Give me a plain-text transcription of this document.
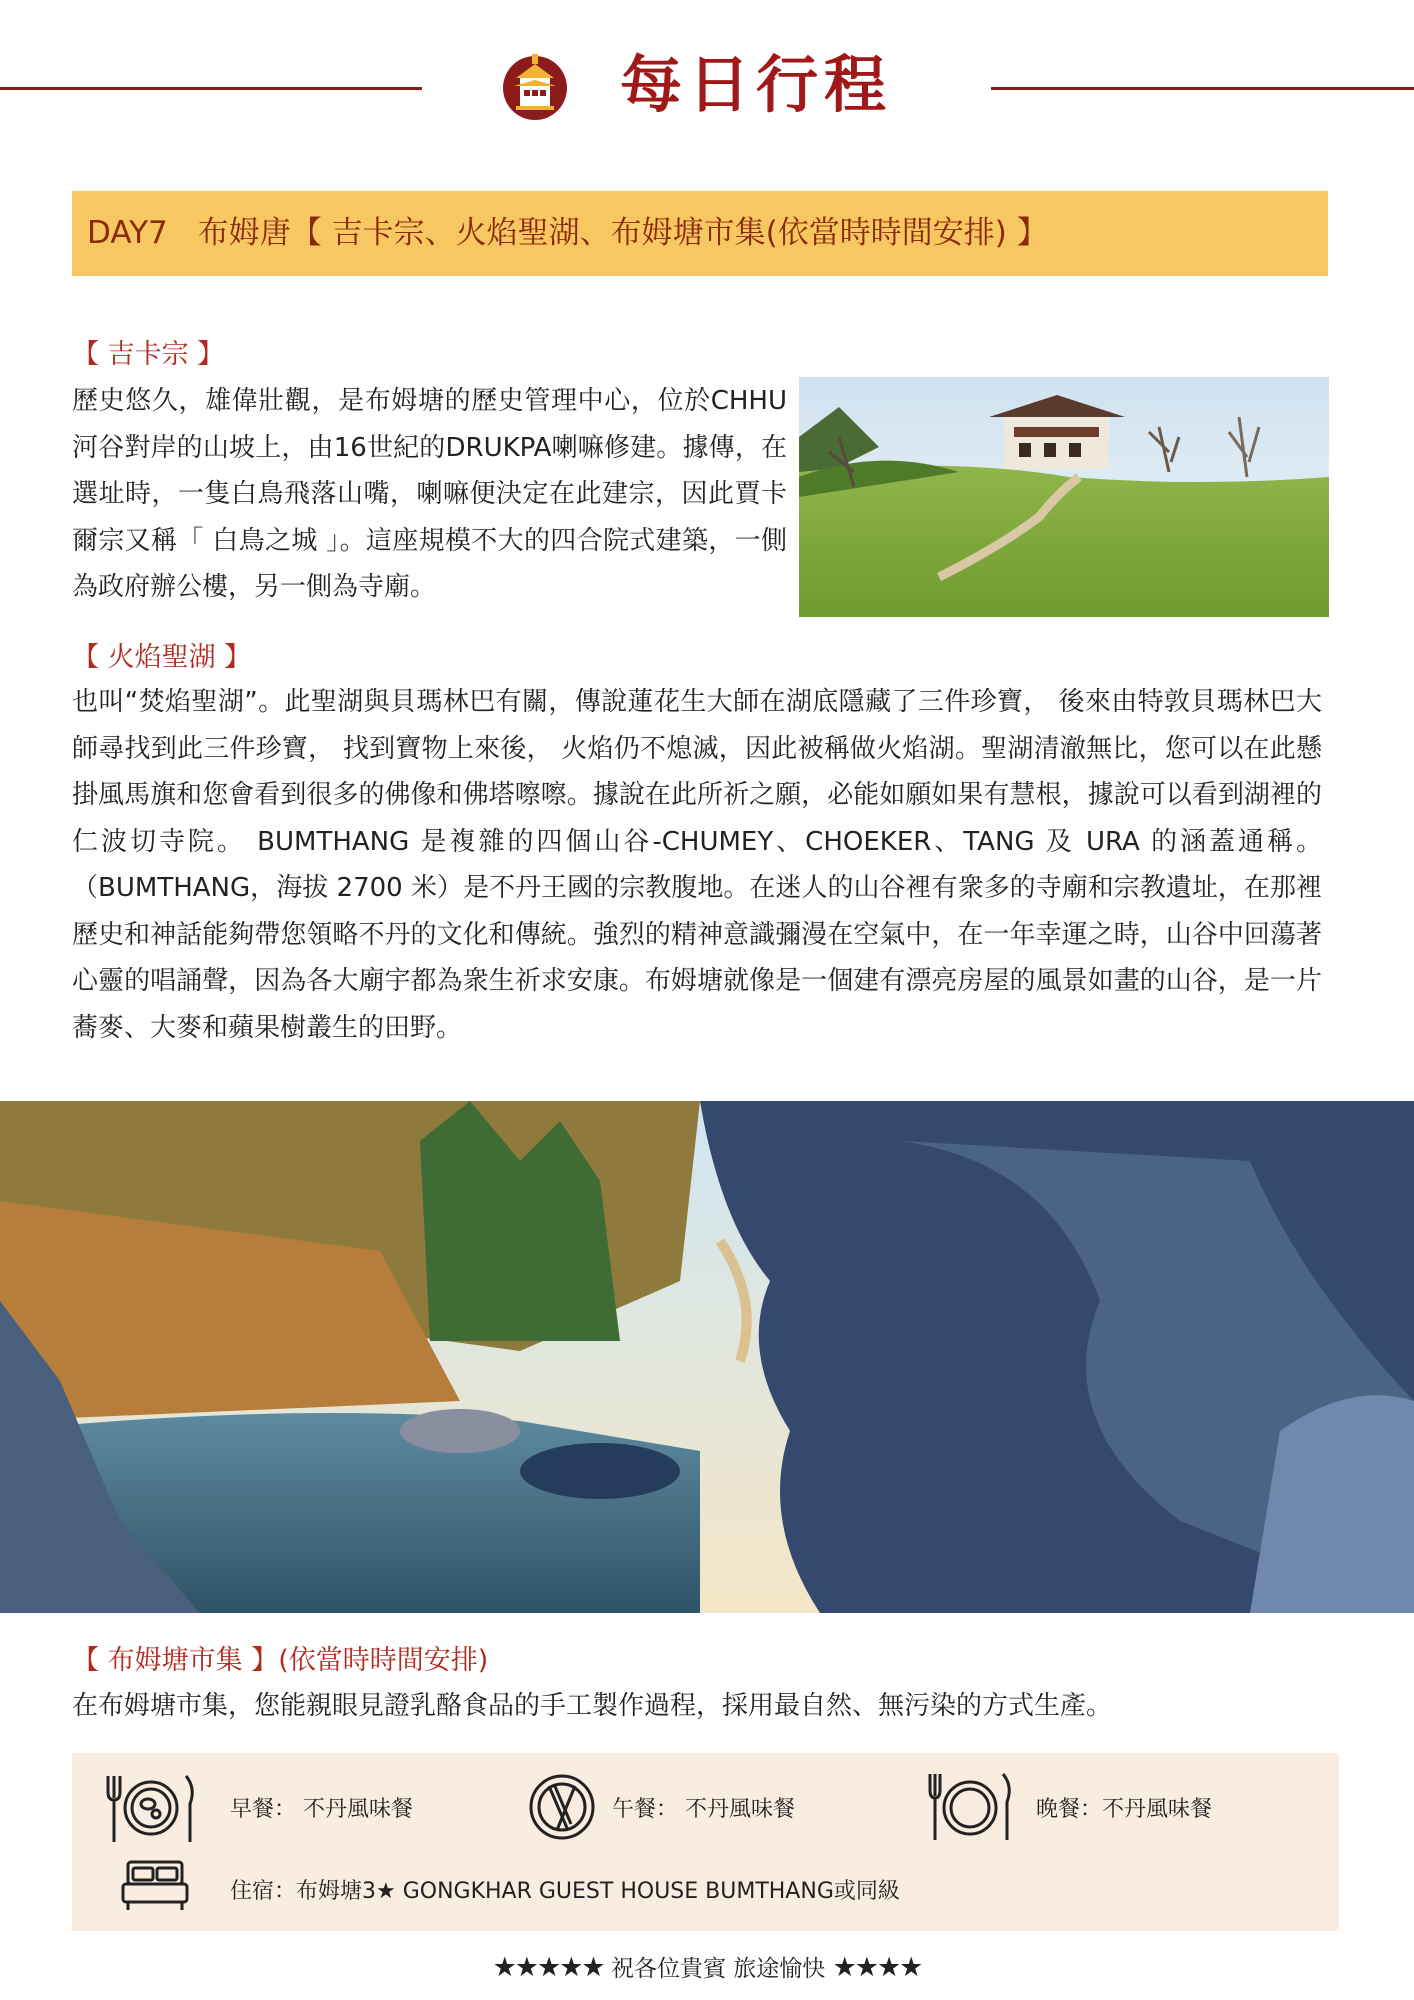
每日行程
DAY7 布姆唐【 吉卡宗、火焰聖湖、布姆塘市集(依當時時間安排) 】
【 吉卡宗 】

歷史悠久，雄偉壯觀，是布姆塘的歷史管理中心，位於CHHU河谷對岸的山坡上，由16世紀的DRUKPA喇嘛修建。據傳，在選址時，一隻白鳥飛落山嘴，喇嘛便決定在此建宗，因此賈卡爾宗又稱「 白鳥之城 」。這座規模不大的四合院式建築，一側為政府辦公樓，另一側為寺廟。

【 火焰聖湖 】

也叫“焚焰聖湖”。此聖湖與貝瑪林巴有關，傳說蓮花生大師在湖底隱藏了三件珍寶， 後來由特敦貝瑪林巴大師尋找到此三件珍寶， 找到寶物上來後， 火焰仍不熄滅，因此被稱做火焰湖。聖湖清澈無比，您可以在此懸掛風馬旗和您會看到很多的佛像和佛塔嚓嚓。據說在此所祈之願，必能如願如果有慧根，據說可以看到湖裡的仁波切寺院。 BUMTHANG 是複雜的四個山谷-CHUMEY、CHOEKER、TANG 及 URA 的涵蓋通稱。（BUMTHANG，海拔 2700 米）是不丹王國的宗教腹地。在迷人的山谷裡有衆多的寺廟和宗教遺址，在那裡歷史和神話能夠帶您領略不丹的文化和傳統。強烈的精神意識彌漫在空氣中，在一年幸運之時，山谷中回蕩著心靈的唱誦聲，因為各大廟宇都為衆生祈求安康。布姆塘就像是一個建有漂亮房屋的風景如畫的山谷，是一片蕎麥、大麥和蘋果樹叢生的田野。

【 布姆塘市集 】(依當時時間安排)

在布姆塘市集，您能親眼見證乳酪食品的手工製作過程，採用最自然、無污染的方式生產。

早餐： 不丹風味餐	午餐： 不丹風味餐	晚餐：不丹風味餐
住宿：布姆塘3★ GONGKHAR GUEST HOUSE BUMTHANG或同級
★★★★★ 祝各位貴賓 旅途愉快 ★★★★
